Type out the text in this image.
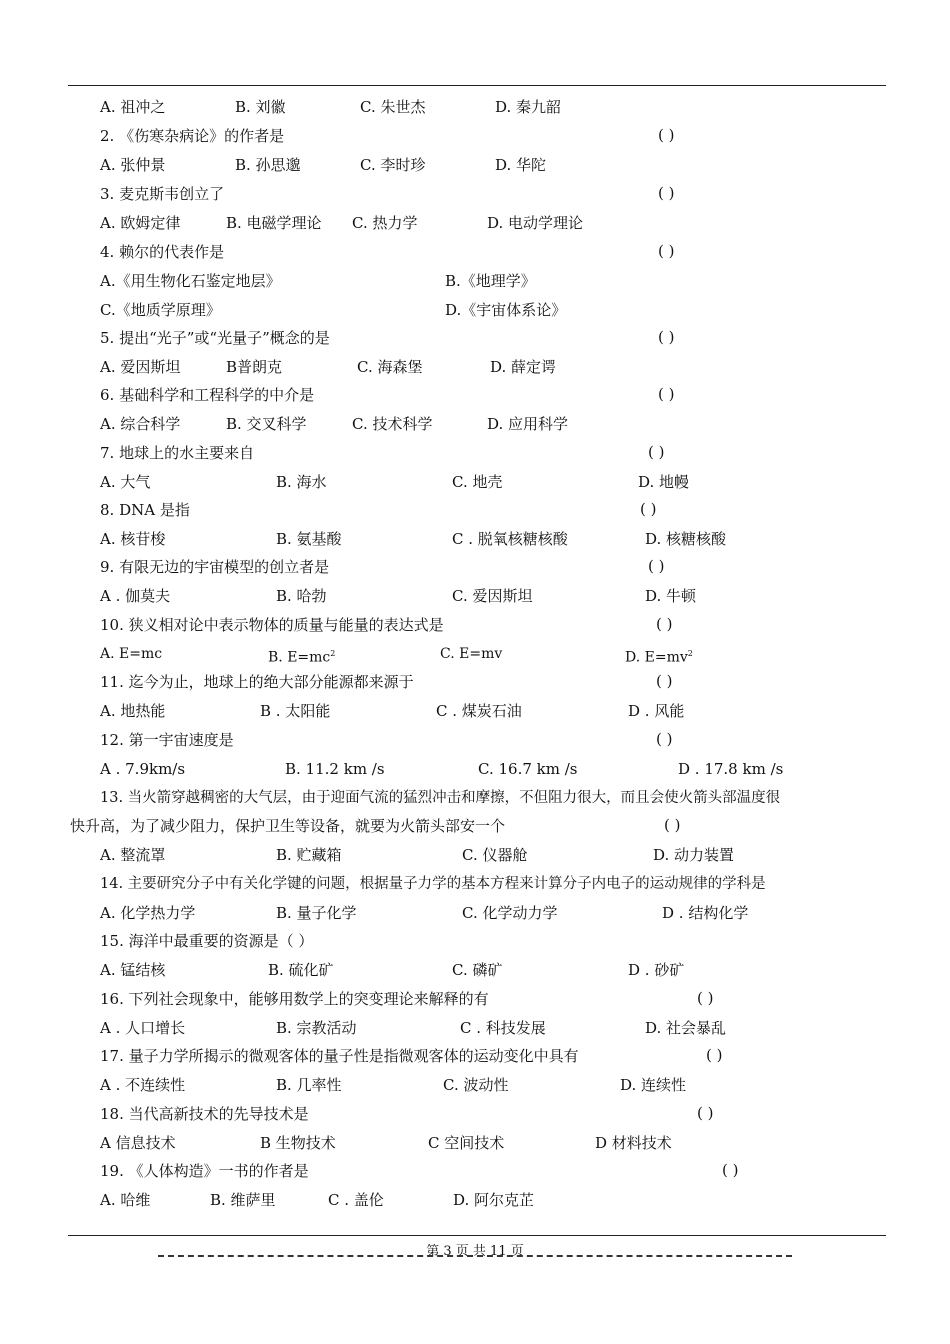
A. 祖冲之	B. 刘徽	C. 朱世杰	D. 秦九韶
2. 《伤寒杂病论》的作者是	( )
A. 张仲景	B. 孙思邈	C. 李时珍	D. 华陀
3. 麦克斯韦创立了	( )
A. 欧姆定律	B. 电磁学理论 C. 热力学	D. 电动学理论
4. 赖尔的代表作是	( )
A.《用生物化石鉴定地层》	B.《地理学》
C.《地质学原理》	D.《宇宙体系论》
5. 提出“光子”或“光量子”概念的是	( )
A. 爱因斯坦	B普朗克	C. 海森堡	D. 薛定谔
6. 基础科学和工程科学的中介是	( )
A. 综合科学	B. 交叉科学	C. 技术科学	D. 应用科学
7. 地球上的水主要来自	( )
A. 大气	B. 海水	C. 地壳	D. 地幔
8. DNA 是指	( )
A. 核苷梭	B. 氨基酸	C . 脱氧核糖核酸	D. 核糖核酸
9. 有限无边的宇宙模型的创立者是	( )
A . 伽莫夫	B. 哈勃	C. 爱因斯坦	D. 牛顿
10. 狭义相对论中表示物体的质量与能量的表达式是	( )
A. E=mc	B. $E=mc^2$	C. E=mv	D. $E=mv^2$
11. 迄今为止，地球上的绝大部分能源都来源于	( )
A. 地热能	B . 太阳能	C . 煤炭石油	D . 风能
12. 第一宇宙速度是	( )
A . 7.9km/s	B. 11.2 km /s	C. 16.7 km /s	D . 17.8 km /s
13. 当火箭穿越稠密的大气层，由于迎面气流的猛烈冲击和摩擦，不但阻力很大，而且会使火箭头部温度很
快升高，为了减少阻力，保护卫生等设备，就要为火箭头部安一个	( )
A. 整流罩	B. 贮藏箱	C. 仪器舱	D. 动力装置
14. 主要研究分子中有关化学键的问题，根据量子力学的基本方程来计算分子内电子的运动规律的学科是
A. 化学热力学	B. 量子化学	C. 化学动力学	D . 结构化学
15. 海洋中最重要的资源是（ ）
A. 锰结核	B. 硫化矿	C. 磷矿	D . 砂矿
16. 下列社会现象中，能够用数学上的突变理论来解释的有	( )
A . 人口增长	B. 宗教活动	C . 科技发展	D. 社会暴乱
17. 量子力学所揭示的微观客体的量子性是指微观客体的运动变化中具有	( )
A . 不连续性	B. 几率性	C. 波动性	D. 连续性
18. 当代高新技术的先导技术是	( )
A 信息技术	B 生物技术	C 空间技术	D 材料技术
19. 《人体构造》一书的作者是	( )
A. 哈维	B. 维萨里	C . 盖伦	D. 阿尔克芷
第 3 页 共 11 页
